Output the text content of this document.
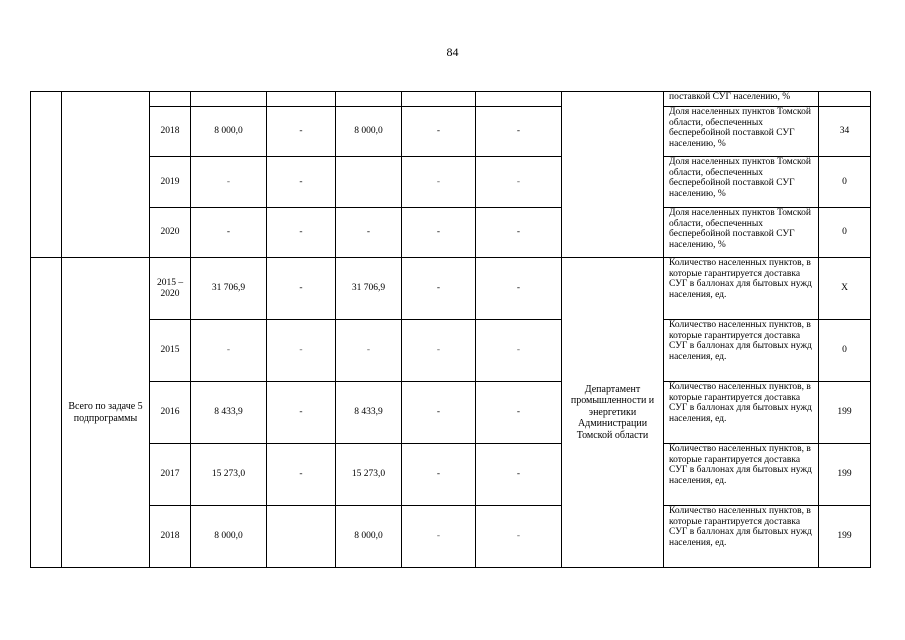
84
									поставкой СУГ населению, %	
		2018	8 000,0	-	8 000,0	-	-		Доля населенных пунктов Томской области, обеспеченных бесперебойной поставкой СУГ населению, %	34
		2019	-	-		-	-		Доля населенных пунктов Томской области, обеспеченных бесперебойной поставкой СУГ населению, %	0
		2020	-	-	-	-	-		Доля населенных пунктов Томской области, обеспеченных бесперебойной поставкой СУГ населению, %	0
	Всего по задаче 5 подпрограммы	2015 – 2020	31 706,9	-	31 706,9	-	-	Департамент промышленности и энергетики Администрации Томской области	Количество населенных пунктов, в которые гарантируется доставка СУГ в баллонах для бытовых нужд населения, ед.	X
		2015	-	-	-	-	-		Количество населенных пунктов, в которые гарантируется доставка СУГ в баллонах для бытовых нужд населения, ед.	0
		2016	8 433,9	-	8 433,9	-	-		Количество населенных пунктов, в которые гарантируется доставка СУГ в баллонах для бытовых нужд населения, ед.	199
		2017	15 273,0	-	15 273,0	-	-		Количество населенных пунктов, в которые гарантируется доставка СУГ в баллонах для бытовых нужд населения, ед.	199
		2018	8 000,0		8 000,0	-	-		Количество населенных пунктов, в которые гарантируется доставка СУГ в баллонах для бытовых нужд населения, ед.	199
